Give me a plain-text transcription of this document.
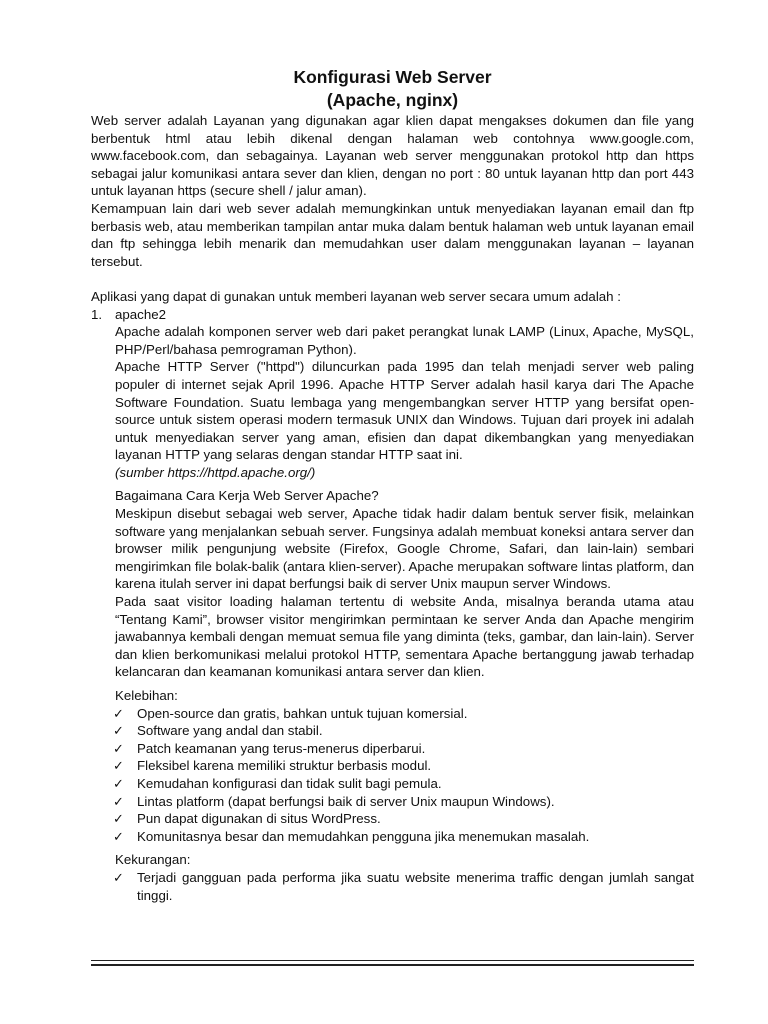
Konfigurasi Web Server
(Apache, nginx)

Web server adalah Layanan yang digunakan agar klien dapat mengakses dokumen dan file yang berbentuk html atau lebih dikenal dengan halaman web contohnya www.google.com, www.facebook.com, dan sebagainya. Layanan web server menggunakan protokol http dan https sebagai jalur komunikasi antara sever dan klien, dengan no port : 80 untuk layanan http dan port 443 untuk layanan https (secure shell / jalur aman).

Kemampuan lain dari web sever adalah memungkinkan untuk menyediakan layanan email dan ftp berbasis web, atau memberikan tampilan antar muka dalam bentuk halaman web untuk layanan email dan ftp sehingga lebih menarik dan memudahkan user dalam menggunakan layanan – layanan tersebut.

Aplikasi yang dapat di gunakan untuk memberi layanan web server secara umum adalah :

1. apache2

Apache adalah komponen server web dari paket perangkat lunak LAMP (Linux, Apache, MySQL, PHP/Perl/bahasa pemrograman Python).

Apache HTTP Server ("httpd") diluncurkan pada 1995 dan telah menjadi server web paling populer di internet sejak April 1996. Apache HTTP Server adalah hasil karya dari The Apache Software Foundation. Suatu lembaga yang mengembangkan server HTTP yang bersifat open-source untuk sistem operasi modern termasuk UNIX dan Windows. Tujuan dari proyek ini adalah untuk menyediakan server yang aman, efisien dan dapat dikembangkan yang menyediakan layanan HTTP yang selaras dengan standar HTTP saat ini.

(sumber https://httpd.apache.org/)

Bagaimana Cara Kerja Web Server Apache?

Meskipun disebut sebagai web server, Apache tidak hadir dalam bentuk server fisik, melainkan software yang menjalankan sebuah server. Fungsinya adalah membuat koneksi antara server dan browser milik pengunjung website (Firefox, Google Chrome, Safari, dan lain-lain) sembari mengirimkan file bolak-balik (antara klien-server). Apache merupakan software lintas platform, dan karena itulah server ini dapat berfungsi baik di server Unix maupun server Windows.

Pada saat visitor loading halaman tertentu di website Anda, misalnya beranda utama atau “Tentang Kami”, browser visitor mengirimkan permintaan ke server Anda dan Apache mengirim jawabannya kembali dengan memuat semua file yang diminta (teks, gambar, dan lain-lain). Server dan klien berkomunikasi melalui protokol HTTP, sementara Apache bertanggung jawab terhadap kelancaran dan keamanan komunikasi antara server dan klien.

Kelebihan:
✓ Open-source dan gratis, bahkan untuk tujuan komersial.
✓ Software yang andal dan stabil.
✓ Patch keamanan yang terus-menerus diperbarui.
✓ Fleksibel karena memiliki struktur berbasis modul.
✓ Kemudahan konfigurasi dan tidak sulit bagi pemula.
✓ Lintas platform (dapat berfungsi baik di server Unix maupun Windows).
✓ Pun dapat digunakan di situs WordPress.
✓ Komunitasnya besar dan memudahkan pengguna jika menemukan masalah.
Kekurangan:
✓ Terjadi gangguan pada performa jika suatu website menerima traffic dengan jumlah sangat tinggi.
